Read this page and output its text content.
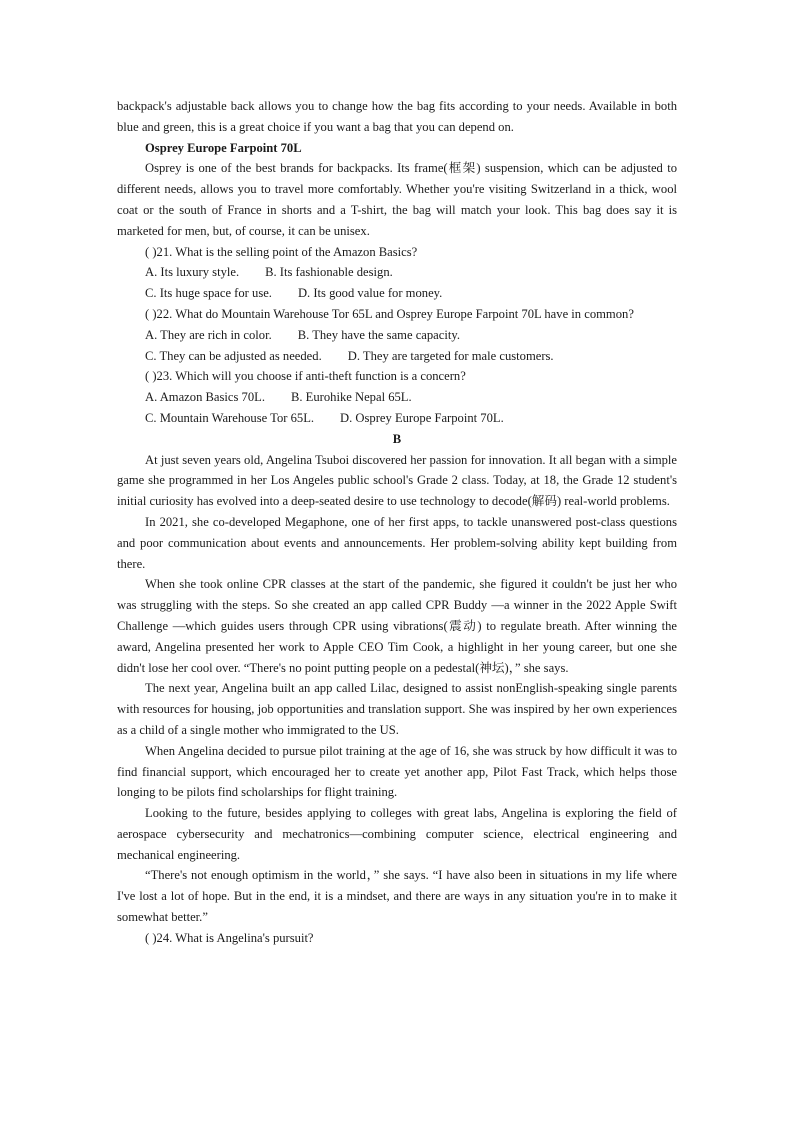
backpack's adjustable back allows you to change how the bag fits according to your needs. Available in both blue and green, this is a great choice if you want a bag that you can depend on.

Osprey Europe Farpoint 70L

Osprey is one of the best brands for backpacks. Its frame(框架) suspension, which can be adjusted to different needs, allows you to travel more comfortably. Whether you're visiting Switzerland in a thick, wool coat or the south of France in shorts and a T-shirt, the bag will match your look. This bag does say it is marketed for men, but, of course, it can be unisex.

( )21. What is the selling point of the Amazon Basics?

A. Its luxury style. B. Its fashionable design.

C. Its huge space for use. D. Its good value for money.

( )22. What do Mountain Warehouse Tor 65L and Osprey Europe Farpoint 70L have in common?

A. They are rich in color. B. They have the same capacity.

C. They can be adjusted as needed. D. They are targeted for male customers.

( )23. Which will you choose if anti-theft function is a concern?

A. Amazon Basics 70L. B. Eurohike Nepal 65L.

C. Mountain Warehouse Tor 65L. D. Osprey Europe Farpoint 70L.

B

At just seven years old, Angelina Tsuboi discovered her passion for innovation. It all began with a simple game she programmed in her Los Angeles public school's Grade 2 class. Today, at 18, the Grade 12 student's initial curiosity has evolved into a deep-seated desire to use technology to decode(解码) real-world problems.

In 2021, she co-developed Megaphone, one of her first apps, to tackle unanswered post-class questions and poor communication about events and announcements. Her problem-solving ability kept building from there.

When she took online CPR classes at the start of the pandemic, she figured it couldn't be just her who was struggling with the steps. So she created an app called CPR Buddy —a winner in the 2022 Apple Swift Challenge —which guides users through CPR using vibrations(震动) to regulate breath. After winning the award, Angelina presented her work to Apple CEO Tim Cook, a highlight in her young career, but one she didn't lose her cool over. “There's no point putting people on a pedestal(神坛)，” she says.

The next year, Angelina built an app called Lilac, designed to assist nonEnglish-speaking single parents with resources for housing, job opportunities and translation support. She was inspired by her own experiences as a child of a single mother who immigrated to the US.

When Angelina decided to pursue pilot training at the age of 16, she was struck by how difficult it was to find financial support, which encouraged her to create yet another app, Pilot Fast Track, which helps those longing to be pilots find scholarships for flight training.

Looking to the future, besides applying to colleges with great labs, Angelina is exploring the field of aerospace cybersecurity and mechatronics—combining computer science, electrical engineering and mechanical engineering.

“There's not enough optimism in the world，” she says. “I have also been in situations in my life where I've lost a lot of hope. But in the end, it is a mindset, and there are ways in any situation you're in to make it somewhat better.”

( )24. What is Angelina's pursuit?
